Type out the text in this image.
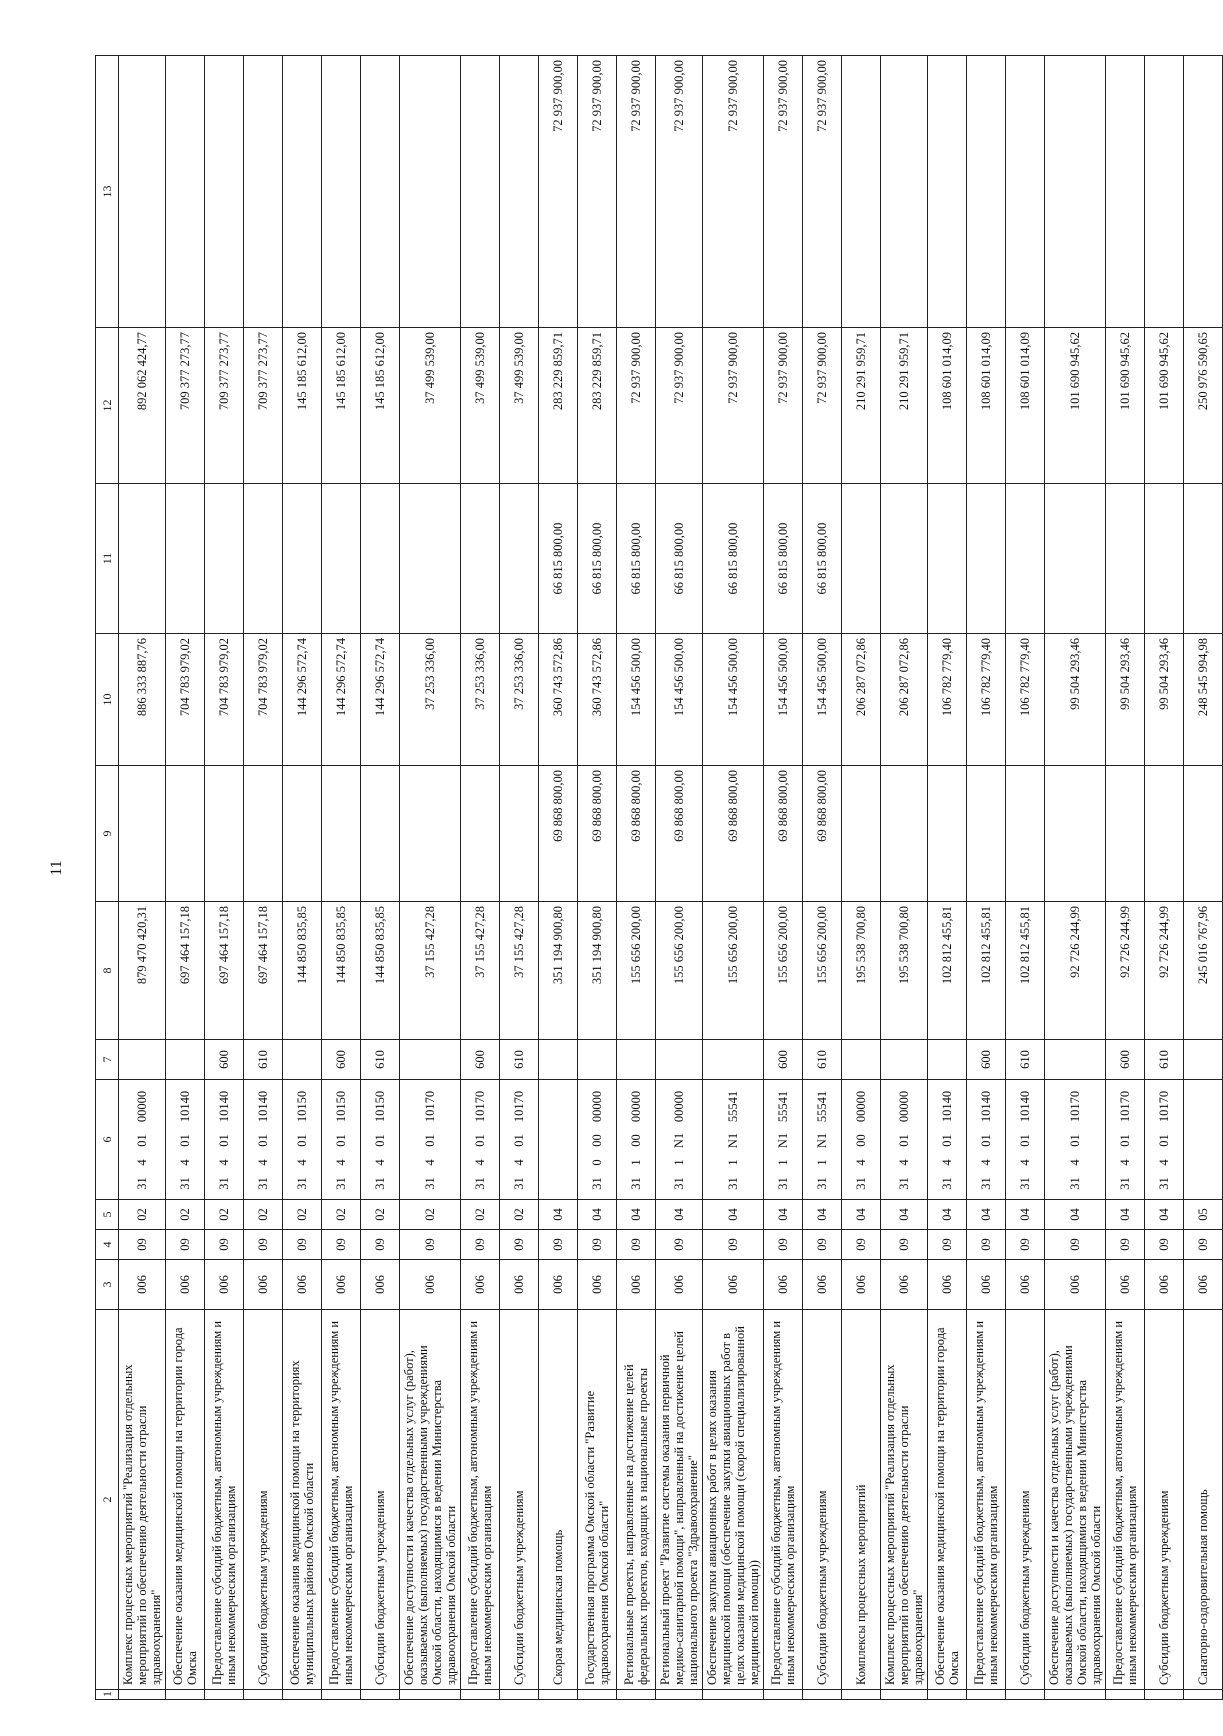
11
1	2	3	4	5	6	7	8	9	10	11	12	13
	Комплекс процессных мероприятий "Реализация отдельных мероприятий по обеспечению деятельности отрасли здравоохранения"	006	09	02	3140100000		879 470 420,31		886 333 887,76		892 062 424,77	
	Обеспечение оказания медицинской помощи на территории города Омска	006	09	02	3140110140		697 464 157,18		704 783 979,02		709 377 273,77	
	Предоставление субсидий бюджетным, автономным учреждениям и иным некоммерческим организациям	006	09	02	3140110140	600	697 464 157,18		704 783 979,02		709 377 273,77	
	Субсидии бюджетным учреждениям	006	09	02	3140110140	610	697 464 157,18		704 783 979,02		709 377 273,77	
	Обеспечение оказания медицинской помощи на территориях муниципальных районов Омской области	006	09	02	3140110150		144 850 835,85		144 296 572,74		145 185 612,00	
	Предоставление субсидий бюджетным, автономным учреждениям и иным некоммерческим организациям	006	09	02	3140110150	600	144 850 835,85		144 296 572,74		145 185 612,00	
	Субсидии бюджетным учреждениям	006	09	02	3140110150	610	144 850 835,85		144 296 572,74		145 185 612,00	
	Обеспечение доступности и качества отдельных услуг (работ), оказываемых (выполняемых) государственными учреждениями Омской области, находящимися в ведении Министерства здравоохранения Омской области	006	09	02	3140110170		37 155 427,28		37 253 336,00		37 499 539,00	
	Предоставление субсидий бюджетным, автономным учреждениям и иным некоммерческим организациям	006	09	02	3140110170	600	37 155 427,28		37 253 336,00		37 499 539,00	
	Субсидии бюджетным учреждениям	006	09	02	3140110170	610	37 155 427,28		37 253 336,00		37 499 539,00	
	Скорая медицинская помощь	006	09	04			351 194 900,80	69 868 800,00	360 743 572,86	66 815 800,00	283 229 859,71	72 937 900,00
	Государственная программа Омской области "Развитие здравоохранения Омской области"	006	09	04	3100000000		351 194 900,80	69 868 800,00	360 743 572,86	66 815 800,00	283 229 859,71	72 937 900,00
	Региональные проекты, направленные на достижение целей федеральных проектов, входящих в национальные проекты	006	09	04	3110000000		155 656 200,00	69 868 800,00	154 456 500,00	66 815 800,00	72 937 900,00	72 937 900,00
	Региональный проект "Развитие системы оказания первичной медико-санитарной помощи", направленный на достижение целей национального проекта "Здравоохранение"	006	09	04	311N100000		155 656 200,00	69 868 800,00	154 456 500,00	66 815 800,00	72 937 900,00	72 937 900,00
	Обеспечение закупки авиационных работ в целях оказания медицинской помощи (обеспечение закупки авиационных работ в целях оказания медицинской помощи (скорой специализированной медицинской помощи))	006	09	04	311N155541		155 656 200,00	69 868 800,00	154 456 500,00	66 815 800,00	72 937 900,00	72 937 900,00
	Предоставление субсидий бюджетным, автономным учреждениям и иным некоммерческим организациям	006	09	04	311N155541	600	155 656 200,00	69 868 800,00	154 456 500,00	66 815 800,00	72 937 900,00	72 937 900,00
	Субсидии бюджетным учреждениям	006	09	04	311N155541	610	155 656 200,00	69 868 800,00	154 456 500,00	66 815 800,00	72 937 900,00	72 937 900,00
	Комплексы процессных мероприятий	006	09	04	3140000000		195 538 700,80		206 287 072,86		210 291 959,71	
	Комплекс процессных мероприятий "Реализация отдельных мероприятий по обеспечению деятельности отрасли здравоохранения"	006	09	04	3140100000		195 538 700,80		206 287 072,86		210 291 959,71	
	Обеспечение оказания медицинской помощи на территории города Омска	006	09	04	3140110140		102 812 455,81		106 782 779,40		108 601 014,09	
	Предоставление субсидий бюджетным, автономным учреждениям и иным некоммерческим организациям	006	09	04	3140110140	600	102 812 455,81		106 782 779,40		108 601 014,09	
	Субсидии бюджетным учреждениям	006	09	04	3140110140	610	102 812 455,81		106 782 779,40		108 601 014,09	
	Обеспечение доступности и качества отдельных услуг (работ), оказываемых (выполняемых) государственными учреждениями Омской области, находящимися в ведении Министерства здравоохранения Омской области	006	09	04	3140110170		92 726 244,99		99 504 293,46		101 690 945,62	
	Предоставление субсидий бюджетным, автономным учреждениям и иным некоммерческим организациям	006	09	04	3140110170	600	92 726 244,99		99 504 293,46		101 690 945,62	
	Субсидии бюджетным учреждениям	006	09	04	3140110170	610	92 726 244,99		99 504 293,46		101 690 945,62	
	Санаторно-оздоровительная помощь	006	09	05			245 016 767,96		248 545 994,98		250 976 590,65	
